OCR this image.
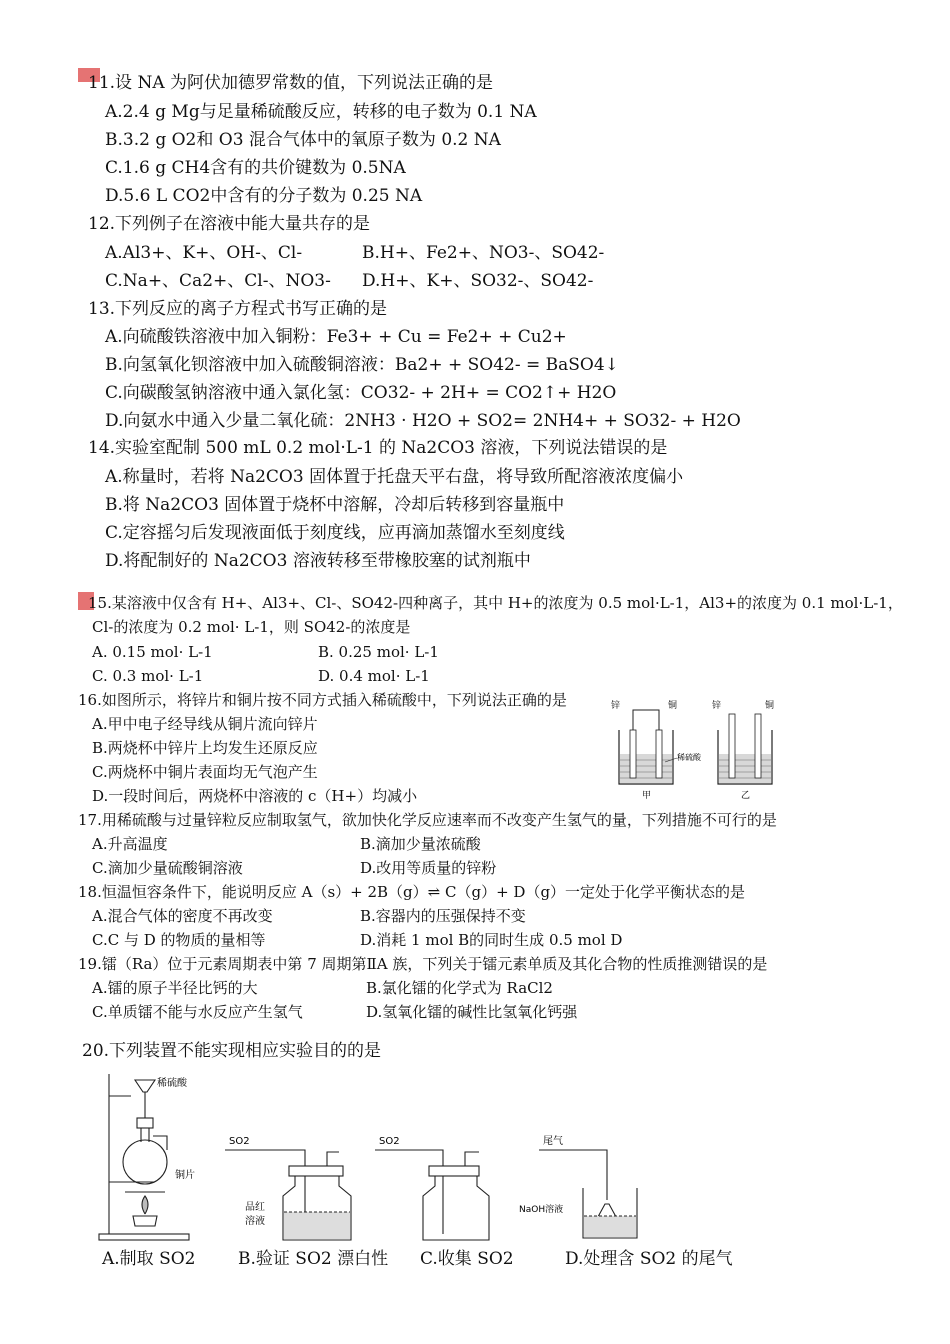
11.设 NA 为阿伏加德罗常数的值，下列说法正确的是
A.2.4 g Mg与足量稀硫酸反应，转移的电子数为 0.1 NA
B.3.2 g O2和 O3 混合气体中的氧原子数为 0.2 NA
C.1.6 g CH4含有的共价键数为 0.5NA
D.5.6 L CO2中含有的分子数为 0.25 NA
12.下列例子在溶液中能大量共存的是
A.Al3+、K+、OH-、Cl-	B.H+、Fe2+、NO3-、SO42-
C.Na+、Ca2+、Cl-、NO3- D.H+、K+、SO32-、SO42-
13.下列反应的离子方程式书写正确的是
A.向硫酸铁溶液中加入铜粉：Fe3+ + Cu = Fe2+ + Cu2+
B.向氢氧化钡溶液中加入硫酸铜溶液：Ba2+ + SO42- = BaSO4↓
C.向碳酸氢钠溶液中通入氯化氢：CO32- + 2H+ = CO2↑+ H2O
D.向氨水中通入少量二氧化硫：2NH3 · H2O + SO2= 2NH4+ + SO32- + H2O
14.实验室配制 500 mL 0.2 mol·L-1 的 Na2CO3 溶液，下列说法错误的是
A.称量时，若将 Na2CO3 固体置于托盘天平右盘，将导致所配溶液浓度偏小
B.将 Na2CO3 固体置于烧杯中溶解，冷却后转移到容量瓶中
C.定容摇匀后发现液面低于刻度线，应再滴加蒸馏水至刻度线
D.将配制好的 Na2CO3 溶液转移至带橡胶塞的试剂瓶中
15.某溶液中仅含有 H+、Al3+、Cl-、SO42-四种离子，其中 H+的浓度为 0.5 mol·L-1，Al3+的浓度为 0.1 mol·L-1，
Cl-的浓度为 0.2 mol· L-1，则 SO42-的浓度是
A. 0.15 mol· L-1	B. 0.25 mol· L-1
C. 0.3 mol· L-1	D. 0.4 mol· L-1
16.如图所示，将锌片和铜片按不同方式插入稀硫酸中，下列说法正确的是
A.甲中电子经导线从铜片流向锌片
B.两烧杯中锌片上均发生还原反应
C.两烧杯中铜片表面均无气泡产生
D.一段时间后，两烧杯中溶液的 c（H+）均减小
锌	铜	锌	铜
稀硫酸
甲	乙
17.用稀硫酸与过量锌粒反应制取氢气，欲加快化学反应速率而不改变产生氢气的量，下列措施不可行的是
A.升高温度	B.滴加少量浓硫酸
C.滴加少量硫酸铜溶液	D.改用等质量的锌粉
18.恒温恒容条件下，能说明反应 A（s）+ 2B（g）⇌ C（g）+ D（g）一定处于化学平衡状态的是
A.混合气体的密度不再改变	B.容器内的压强保持不变
C.C 与 D 的物质的量相等	D.消耗 1 mol B的同时生成 0.5 mol D
19.镭（Ra）位于元素周期表中第 7 周期第ⅡA 族，下列关于镭元素单质及其化合物的性质推测错误的是
A.镭的原子半径比钙的大	B.氯化镭的化学式为 RaCl2
C.单质镭不能与水反应产生氢气	D.氢氧化镭的碱性比氢氧化钙强
20.下列装置不能实现相应实验目的的是
稀硫酸
铜片
SO2
品红
溶液
SO2	尾气
NaOH溶液
A.制取 SO2	B.验证 SO2 漂白性 C.收集 SO2	D.处理含 SO2 的尾气
